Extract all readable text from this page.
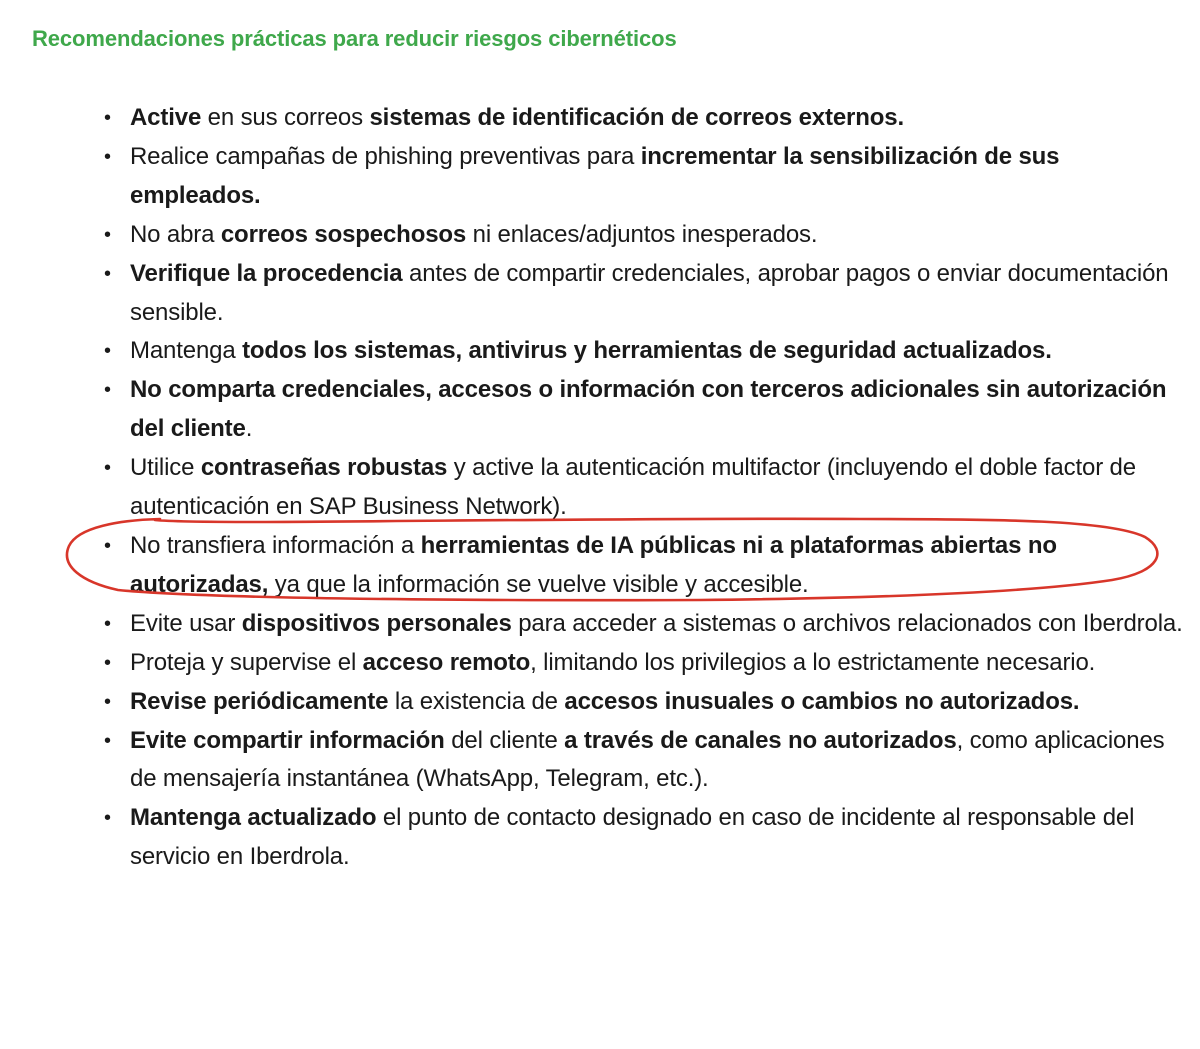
Recomendaciones prácticas para reducir riesgos cibernéticos
• Active en sus correos sistemas de identificación de correos externos.
• Realice campañas de phishing preventivas para incrementar la sensibilización de sus empleados.
• No abra correos sospechosos ni enlaces/adjuntos inesperados.
• Verifique la procedencia antes de compartir credenciales, aprobar pagos o enviar documentación sensible.
• Mantenga todos los sistemas, antivirus y herramientas de seguridad actualizados.
• No comparta credenciales, accesos o información con terceros adicionales sin autorización del cliente.
• Utilice contraseñas robustas y active la autenticación multifactor (incluyendo el doble factor de autenticación en SAP Business Network).
• No transfiera información a herramientas de IA públicas ni a plataformas abiertas no autorizadas, ya que la información se vuelve visible y accesible.
• Evite usar dispositivos personales para acceder a sistemas o archivos relacionados con Iberdrola.
• Proteja y supervise el acceso remoto, limitando los privilegios a lo estrictamente necesario.
• Revise periódicamente la existencia de accesos inusuales o cambios no autorizados.
• Evite compartir información del cliente a través de canales no autorizados, como aplicaciones de mensajería instantánea (WhatsApp, Telegram, etc.).
• Mantenga actualizado el punto de contacto designado en caso de incidente al responsable del servicio en Iberdrola.
